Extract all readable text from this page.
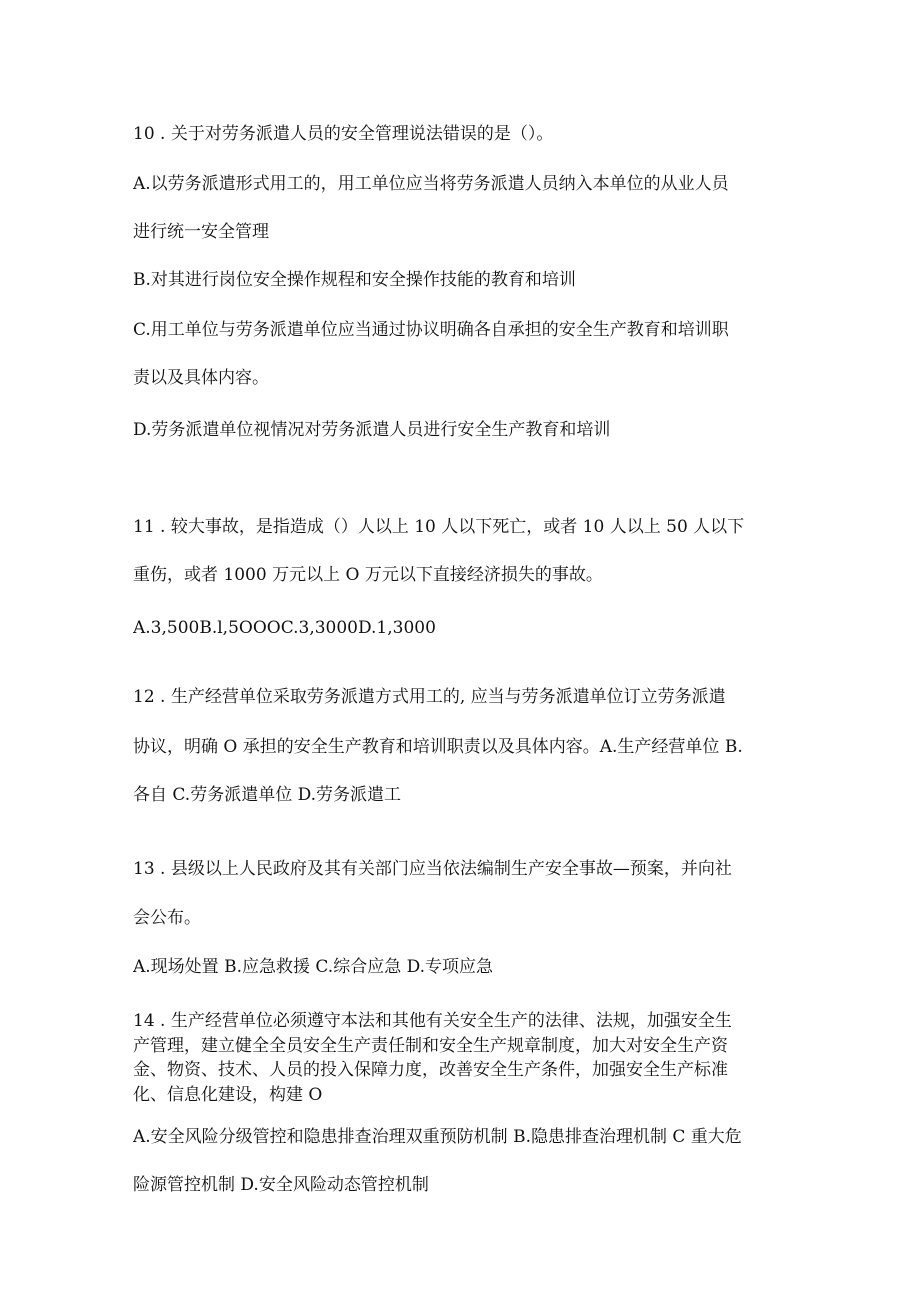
10 . 关于对劳务派遣人员的安全管理说法错误的是（）。
A.以劳务派遣形式用工的，用工单位应当将劳务派遣人员纳入本单位的从业人员
进行统一安全管理
B.对其进行岗位安全操作规程和安全操作技能的教育和培训
C.用工单位与劳务派遣单位应当通过协议明确各自承担的安全生产教育和培训职
责以及具体内容。
D.劳务派遣单位视情况对劳务派遣人员进行安全生产教育和培训
11 . 较大事故，是指造成（）人以上 10 人以下死亡，或者 10 人以上 50 人以下
重伤，或者 1000 万元以上 O 万元以下直接经济损失的事故。
A.3,500B.l,5OOOC.3,3000D.1,3000
12 . 生产经营单位采取劳务派遣方式用工的, 应当与劳务派遣单位订立劳务派遣
协议，明确 O 承担的安全生产教育和培训职责以及具体内容。A.生产经营单位 B.
各自 C.劳务派遣单位 D.劳务派遣工
13 . 县级以上人民政府及其有关部门应当依法编制生产安全事故—预案，并向社
会公布。
A.现场处置 B.应急救援 C.综合应急 D.专项应急

14 . 生产经营单位必须遵守本法和其他有关安全生产的法律、法规，加强安全生

产管理，建立健全全员安全生产责任制和安全生产规章制度，加大对安全生产资

金、物资、技术、人员的投入保障力度，改善安全生产条件，加强安全生产标准

化、信息化建设，构建 O

A.安全风险分级管控和隐患排查治理双重预防机制 B.隐患排查治理机制 C 重大危
险源管控机制 D.安全风险动态管控机制
